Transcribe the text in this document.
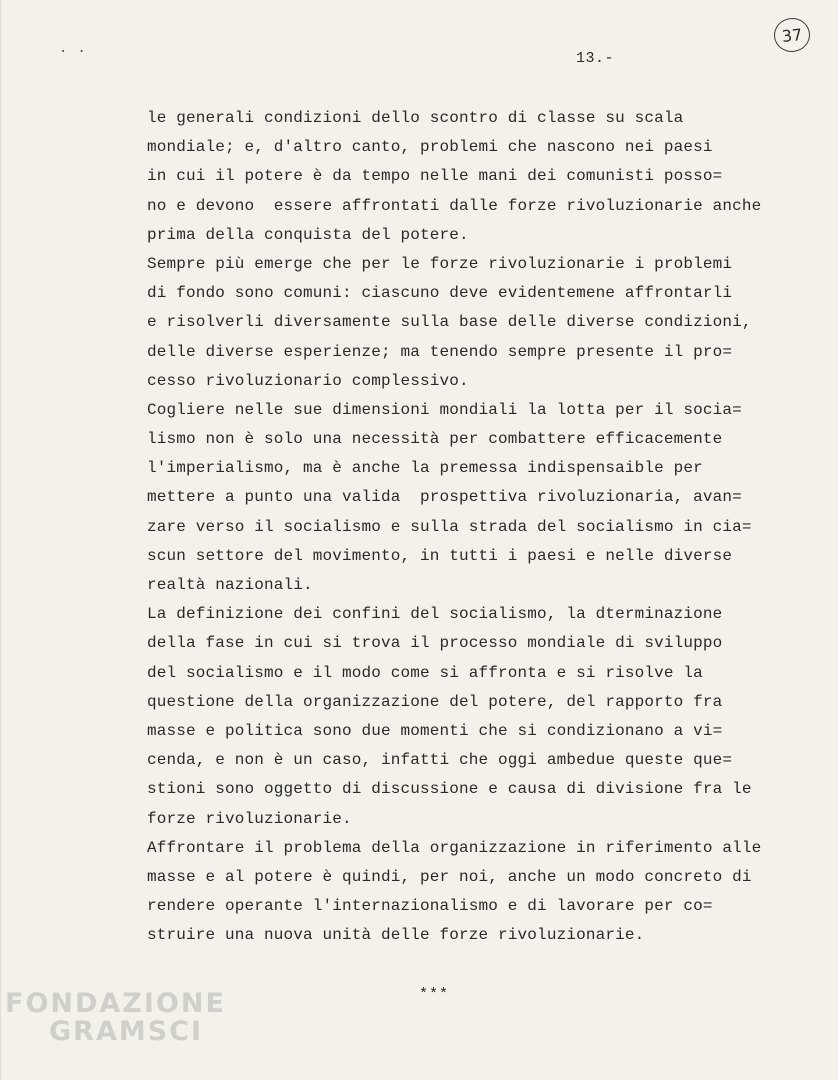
··	13.-
37
le generali condizioni dello scontro di classe su scala
mondiale; e, d'altro canto, problemi che nascono nei paesi
in cui il potere è da tempo nelle mani dei comunisti posso=
no e devono  essere affrontati dalle forze rivoluzionarie anche
prima della conquista del potere.
Sempre più emerge che per le forze rivoluzionarie i problemi
di fondo sono comuni: ciascuno deve evidentemene affrontarli
e risolverli diversamente sulla base delle diverse condizioni,
delle diverse esperienze; ma tenendo sempre presente il pro=
cesso rivoluzionario complessivo.
Cogliere nelle sue dimensioni mondiali la lotta per il socia=
lismo non è solo una necessità per combattere efficacemente
l'imperialismo, ma è anche la premessa indispensaible per
mettere a punto una valida  prospettiva rivoluzionaria, avan=
zare verso il socialismo e sulla strada del socialismo in cia=
scun settore del movimento, in tutti i paesi e nelle diverse
realtà nazionali.
La definizione dei confini del socialismo, la dterminazione
della fase in cui si trova il processo mondiale di sviluppo
del socialismo e il modo come si affronta e si risolve la
questione della organizzazione del potere, del rapporto fra
masse e politica sono due momenti che si condizionano a vi=
cenda, e non è un caso, infatti che oggi ambedue queste que=
stioni sono oggetto di discussione e causa di divisione fra le
forze rivoluzionarie.
Affrontare il problema della organizzazione in riferimento alle
masse e al potere è quindi, per noi, anche un modo concreto di
rendere operante l'internazionalismo e di lavorare per co=
struire una nuova unità delle forze rivoluzionarie.
***
FONDAZIONE
GRAMSCI
